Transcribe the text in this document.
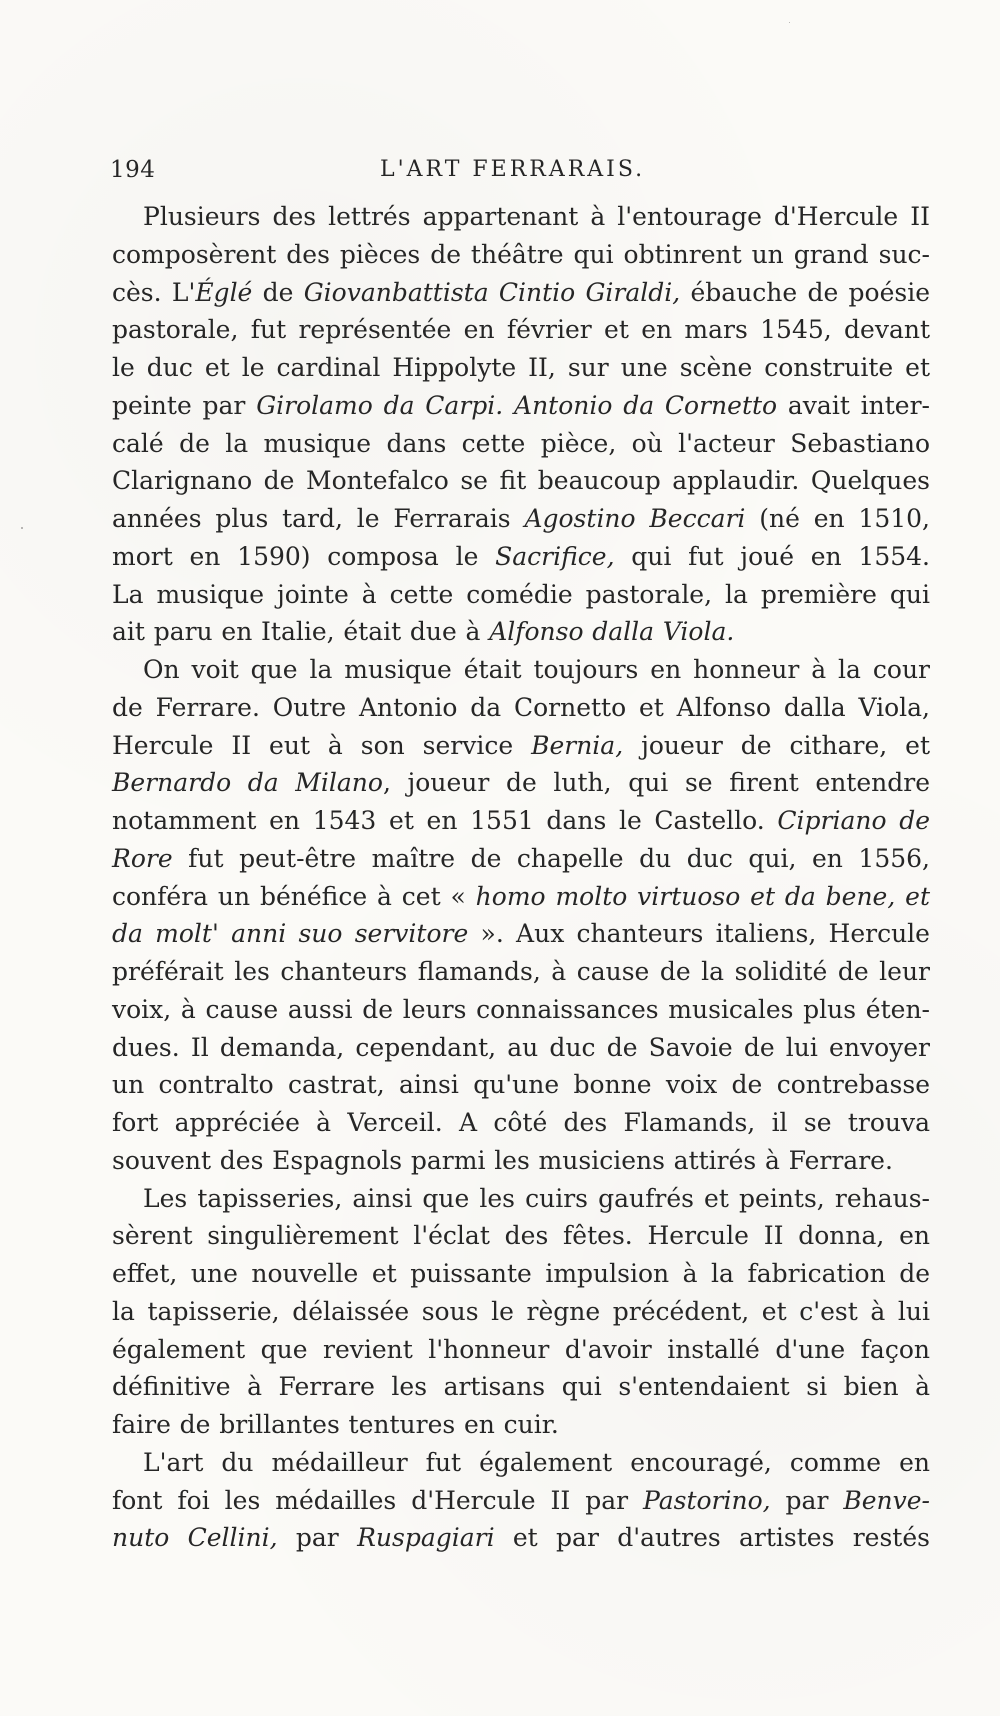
194	L'ART FERRARAIS.
Plusieurs des lettrés appartenant à l'entourage d'Hercule II
composèrent des pièces de théâtre qui obtinrent un grand suc-
cès. L'Églé de Giovanbattista Cintio Giraldi, ébauche de poésie
pastorale, fut représentée en février et en mars 1545, devant
le duc et le cardinal Hippolyte II, sur une scène construite et
peinte par Girolamo da Carpi. Antonio da Cornetto avait inter-
calé de la musique dans cette pièce, où l'acteur Sebastiano
Clarignano de Montefalco se fit beaucoup applaudir. Quelques
années plus tard, le Ferrarais Agostino Beccari (né en 1510,
mort en 1590) composa le Sacrifice, qui fut joué en 1554.
La musique jointe à cette comédie pastorale, la première qui
ait paru en Italie, était due à Alfonso dalla Viola.
On voit que la musique était toujours en honneur à la cour
de Ferrare. Outre Antonio da Cornetto et Alfonso dalla Viola,
Hercule II eut à son service Bernia, joueur de cithare, et
Bernardo da Milano, joueur de luth, qui se firent entendre
notamment en 1543 et en 1551 dans le Castello. Cipriano de
Rore fut peut-être maître de chapelle du duc qui, en 1556,
conféra un bénéfice à cet « homo molto virtuoso et da bene, et
da molt' anni suo servitore ». Aux chanteurs italiens, Hercule
préférait les chanteurs flamands, à cause de la solidité de leur
voix, à cause aussi de leurs connaissances musicales plus éten-
dues. Il demanda, cependant, au duc de Savoie de lui envoyer
un contralto castrat, ainsi qu'une bonne voix de contrebasse
fort appréciée à Verceil. A côté des Flamands, il se trouva
souvent des Espagnols parmi les musiciens attirés à Ferrare.
Les tapisseries, ainsi que les cuirs gaufrés et peints, rehaus-
sèrent singulièrement l'éclat des fêtes. Hercule II donna, en
effet, une nouvelle et puissante impulsion à la fabrication de
la tapisserie, délaissée sous le règne précédent, et c'est à lui
également que revient l'honneur d'avoir installé d'une façon
définitive à Ferrare les artisans qui s'entendaient si bien à
faire de brillantes tentures en cuir.
L'art du médailleur fut également encouragé, comme en
font foi les médailles d'Hercule II par Pastorino, par Benve-
nuto Cellini, par Ruspagiari et par d'autres artistes restés
